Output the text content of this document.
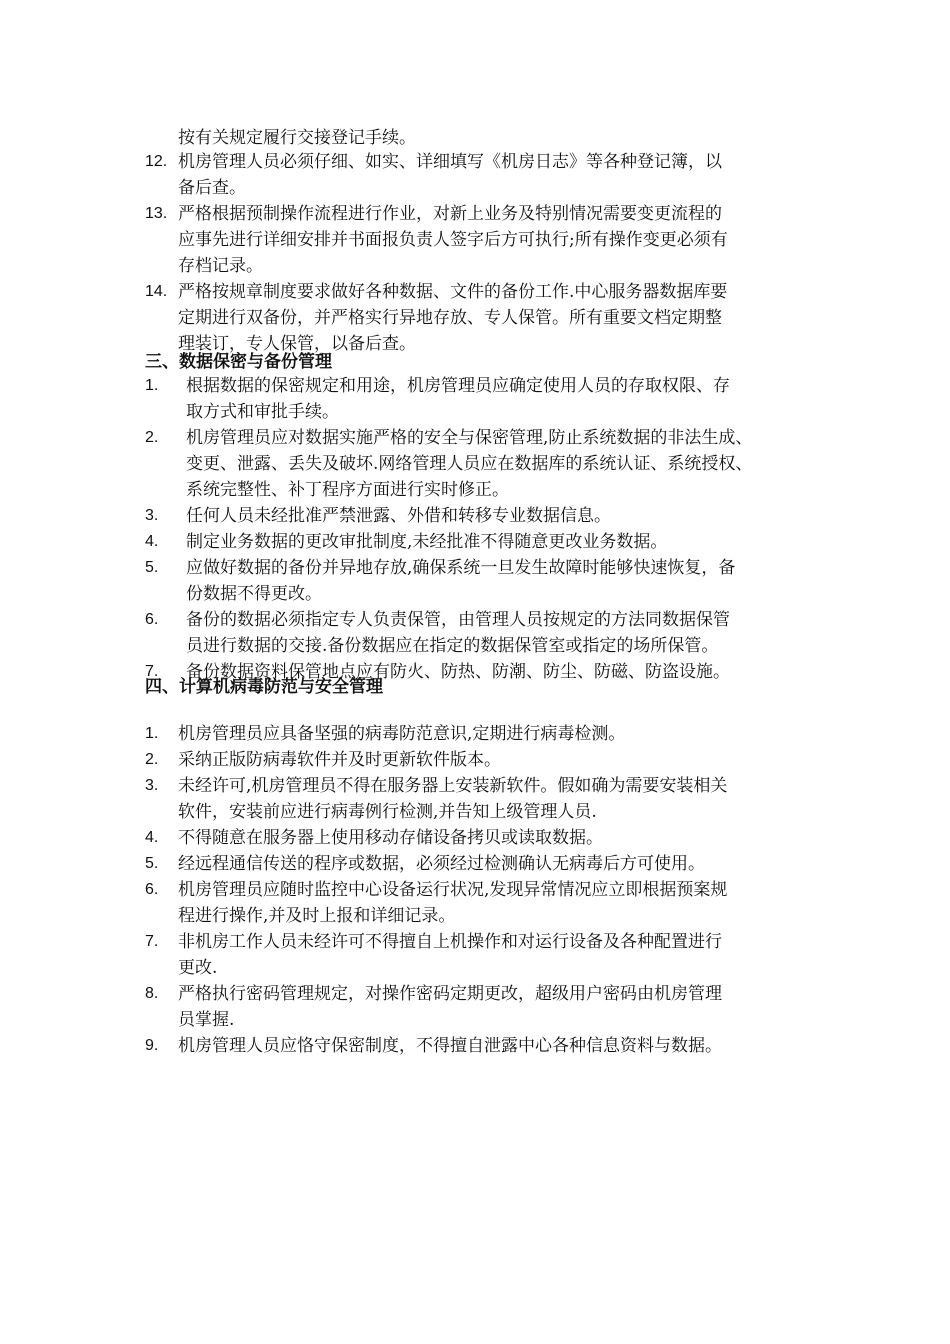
按有关规定履行交接登记手续。
12. 机房管理人员必须仔细、如实、详细填写《机房日志》等各种登记簿，以
备后查。
13. 严格根据预制操作流程进行作业，对新上业务及特别情况需要变更流程的
应事先进行详细安排并书面报负责人签字后方可执行;所有操作变更必须有
存档记录。
14. 严格按规章制度要求做好各种数据、文件的备份工作.中心服务器数据库要
定期进行双备份，并严格实行异地存放、专人保管。所有重要文档定期整
理装订，专人保管，以备后查。
三、数据保密与备份管理
1. 根据数据的保密规定和用途，机房管理员应确定使用人员的存取权限、存
取方式和审批手续。
2. 机房管理员应对数据实施严格的安全与保密管理,防止系统数据的非法生成、
变更、泄露、丢失及破坏.网络管理人员应在数据库的系统认证、系统授权、
系统完整性、补丁程序方面进行实时修正。
3. 任何人员未经批准严禁泄露、外借和转移专业数据信息。
4. 制定业务数据的更改审批制度,未经批准不得随意更改业务数据。
5. 应做好数据的备份并异地存放,确保系统一旦发生故障时能够快速恢复，备
份数据不得更改。
6. 备份的数据必须指定专人负责保管，由管理人员按规定的方法同数据保管
员进行数据的交接.备份数据应在指定的数据保管室或指定的场所保管。
7. 备份数据资料保管地点应有防火、防热、防潮、防尘、防磁、防盗设施。
四、计算机病毒防范与安全管理
1. 机房管理员应具备坚强的病毒防范意识,定期进行病毒检测。
2. 采纳正版防病毒软件并及时更新软件版本。
3. 未经许可,机房管理员不得在服务器上安装新软件。假如确为需要安装相关
软件，安装前应进行病毒例行检测,并告知上级管理人员.
4. 不得随意在服务器上使用移动存储设备拷贝或读取数据。
5. 经远程通信传送的程序或数据，必须经过检测确认无病毒后方可使用。
6. 机房管理员应随时监控中心设备运行状况,发现异常情况应立即根据预案规
程进行操作,并及时上报和详细记录。
7. 非机房工作人员未经许可不得擅自上机操作和对运行设备及各种配置进行
更改.
8. 严格执行密码管理规定，对操作密码定期更改，超级用户密码由机房管理
员掌握.
9. 机房管理人员应恪守保密制度，不得擅自泄露中心各种信息资料与数据。
